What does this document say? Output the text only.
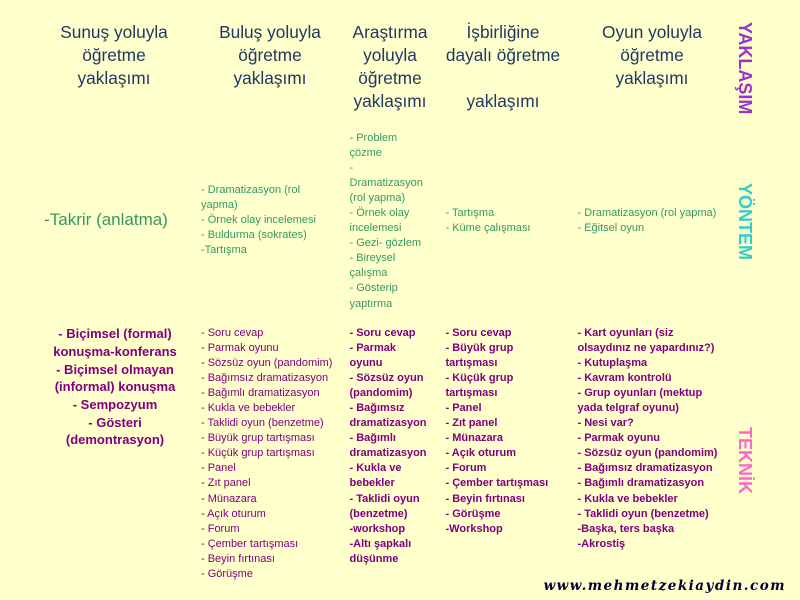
Sunuş yoluyla
öğretme
yaklaşımı
Buluş yoluyla
öğretme
yaklaşımı
Araştırma
yoluyla
öğretme
yaklaşımı
İşbirliğine
dayalı öğretme
yaklaşımı
Oyun yoluyla
öğretme
yaklaşımı
-Takrir (anlatma)
- Dramatizasyon (rol yapma)
- Örnek olay incelemesi
- Buldurma (sokrates)
-Tartışma
- Problem çözme
- Dramatizasyon (rol yapma)
- Örnek olay incelemesi
- Gezi- gözlem
- Bireysel çalışma
- Gösterip yaptırma
- Tartışma
- Küme çalışması
- Dramatizasyon (rol yapma)
- Eğitsel oyun
- Biçimsel (formal) konuşma-konferans
- Biçimsel olmayan (informal) konuşma
- Sempozyum
- Gösteri (demontrasyon)
- Soru cevap
- Parmak oyunu
- Sözsüz oyun (pandomim)
- Bağımsız dramatizasyon
- Bağımlı dramatizasyon
- Kukla ve bebekler
- Taklidi oyun (benzetme)
- Büyük grup tartışması
- Küçük grup tartışması
- Panel
- Zıt panel
- Münazara
- Açık oturum
- Forum
- Çember tartışması
- Beyin fırtınası
- Görüşme
- Soru cevap
- Parmak oyunu
- Sözsüz oyun (pandomim)
- Bağımsız dramatizasyon
- Bağımlı dramatizasyon
- Kukla ve bebekler
- Taklidi oyun (benzetme)
-workshop
-Altı şapkalı düşünme
- Soru cevap
- Büyük grup tartışması
- Küçük grup tartışması
- Panel
- Zıt panel
- Münazara
- Açık oturum
- Forum
- Çember tartışması
- Beyin fırtınası
- Görüşme
-Workshop
- Kart oyunları (siz olsaydınız ne yapardınız?)
- Kutuplaşma
- Kavram kontrolü
- Grup oyunları (mektup yada telgraf oyunu)
- Nesi var?
- Parmak oyunu
- Sözsüz oyun (pandomim)
- Bağımsız dramatizasyon
- Bağımlı dramatizasyon
- Kukla ve bebekler
- Taklidi oyun (benzetme)
-Başka, ters başka
-Akrostiş
YAKLAŞIM
YÖNTEM
TEKNİK
www.mehmetzekiaydin.com
